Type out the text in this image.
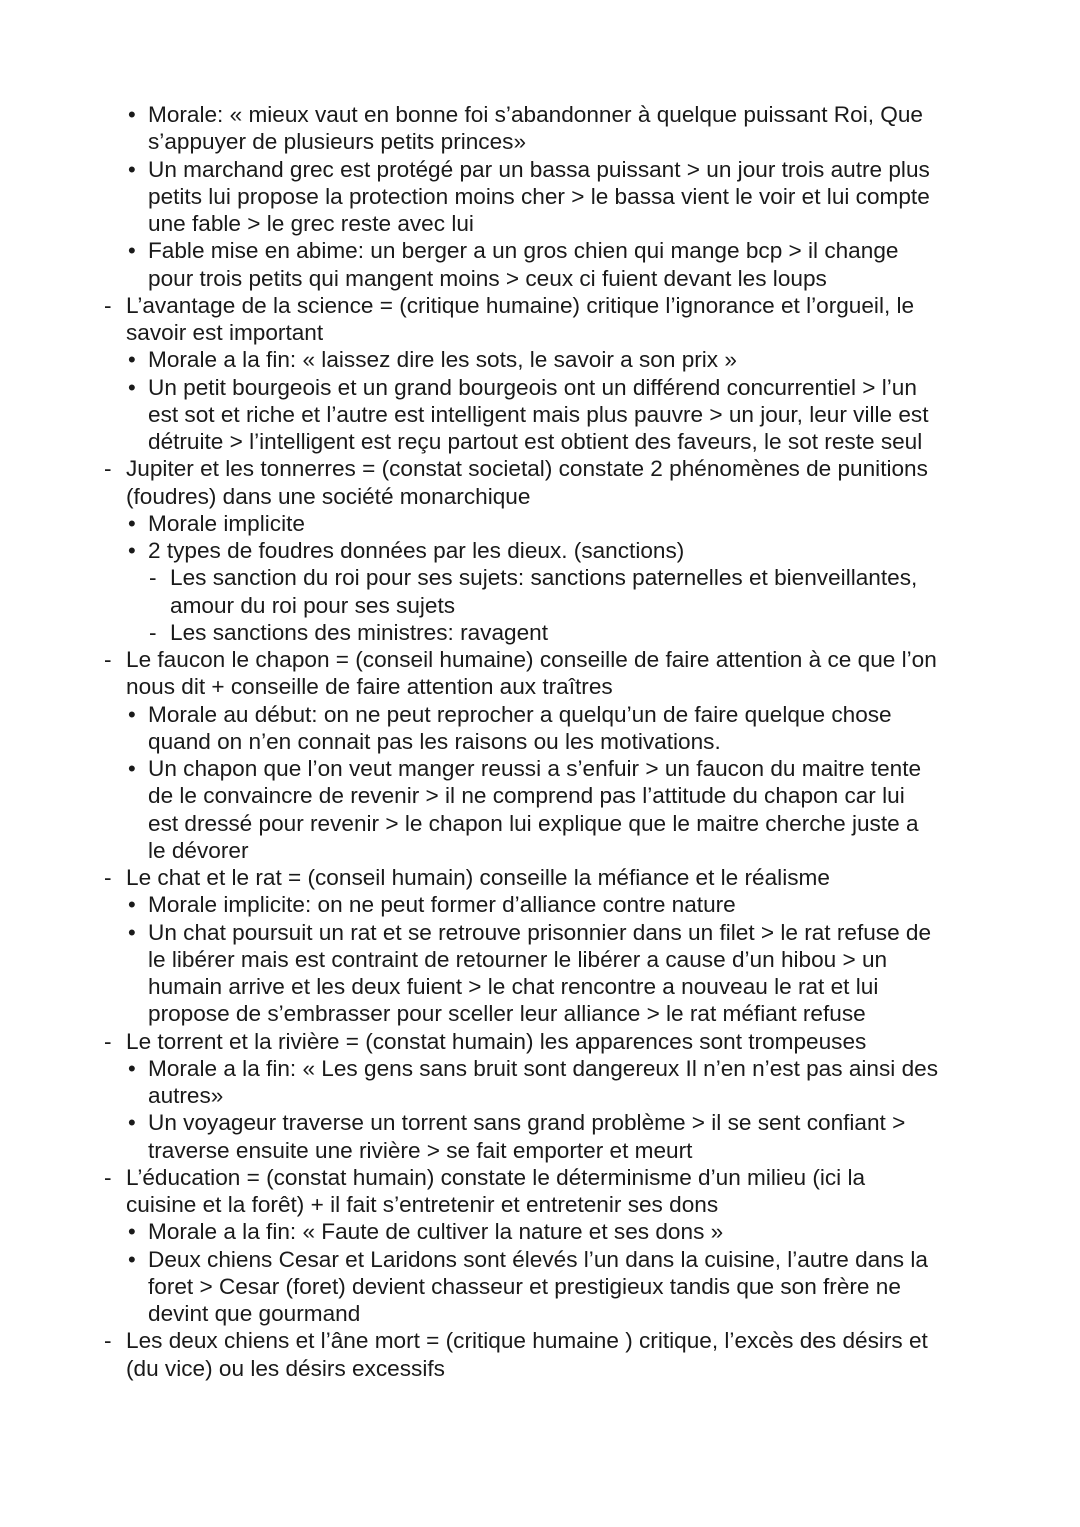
• Morale: « mieux vaut en bonne foi s’abandonner à quelque puissant Roi, Que
s’appuyer de plusieurs petits princes»
• Un marchand grec est protégé par un bassa puissant > un jour trois autre plus
petits lui propose la protection moins cher > le bassa vient le voir et lui compte
une fable > le grec reste avec lui
• Fable mise en abime: un berger a un gros chien qui mange bcp > il change
pour trois petits qui mangent moins > ceux ci fuient devant les loups
- L’avantage de la science = (critique humaine) critique l’ignorance et l’orgueil, le
savoir est important
• Morale a la fin: « laissez dire les sots, le savoir a son prix »
• Un petit bourgeois et un grand bourgeois ont un différend concurrentiel > l’un
est sot et riche et l’autre est intelligent mais plus pauvre > un jour, leur ville est
détruite > l’intelligent est reçu partout est obtient des faveurs, le sot reste seul
- Jupiter et les tonnerres = (constat societal) constate 2 phénomènes de punitions
(foudres) dans une société monarchique
• Morale implicite
• 2 types de foudres données par les dieux. (sanctions)
- Les sanction du roi pour ses sujets: sanctions paternelles et bienveillantes,
amour du roi pour ses sujets
- Les sanctions des ministres: ravagent
- Le faucon le chapon = (conseil humaine) conseille de faire attention à ce que l’on
nous dit + conseille de faire attention aux traîtres
• Morale au début: on ne peut reprocher a quelqu’un de faire quelque chose
quand on n’en connait pas les raisons ou les motivations.
• Un chapon que l’on veut manger reussi a s’enfuir > un faucon du maitre tente
de le convaincre de revenir > il ne comprend pas l’attitude du chapon car lui
est dressé pour revenir > le chapon lui explique que le maitre cherche juste a
le dévorer
- Le chat et le rat = (conseil humain) conseille la méfiance et le réalisme
• Morale implicite: on ne peut former d’alliance contre nature
• Un chat poursuit un rat et se retrouve prisonnier dans un filet > le rat refuse de
le libérer mais est contraint de retourner le libérer a cause d’un hibou > un
humain arrive et les deux fuient > le chat rencontre a nouveau le rat et lui
propose de s’embrasser pour sceller leur alliance > le rat méfiant refuse
- Le torrent et la rivière = (constat humain) les apparences sont trompeuses
• Morale a la fin: « Les gens sans bruit sont dangereux Il n’en n’est pas ainsi des
autres»
• Un voyageur traverse un torrent sans grand problème > il se sent confiant >
traverse ensuite une rivière > se fait emporter et meurt
- L’éducation = (constat humain) constate le déterminisme d’un milieu (ici la
cuisine et la forêt) + il fait s’entretenir et entretenir ses dons
• Morale a la fin: « Faute de cultiver la nature et ses dons »
• Deux chiens Cesar et Laridons sont élevés l’un dans la cuisine, l’autre dans la
foret > Cesar (foret) devient chasseur et prestigieux tandis que son frère ne
devint que gourmand
- Les deux chiens et l’âne mort = (critique humaine ) critique, l’excès des désirs et
(du vice) ou les désirs excessifs
